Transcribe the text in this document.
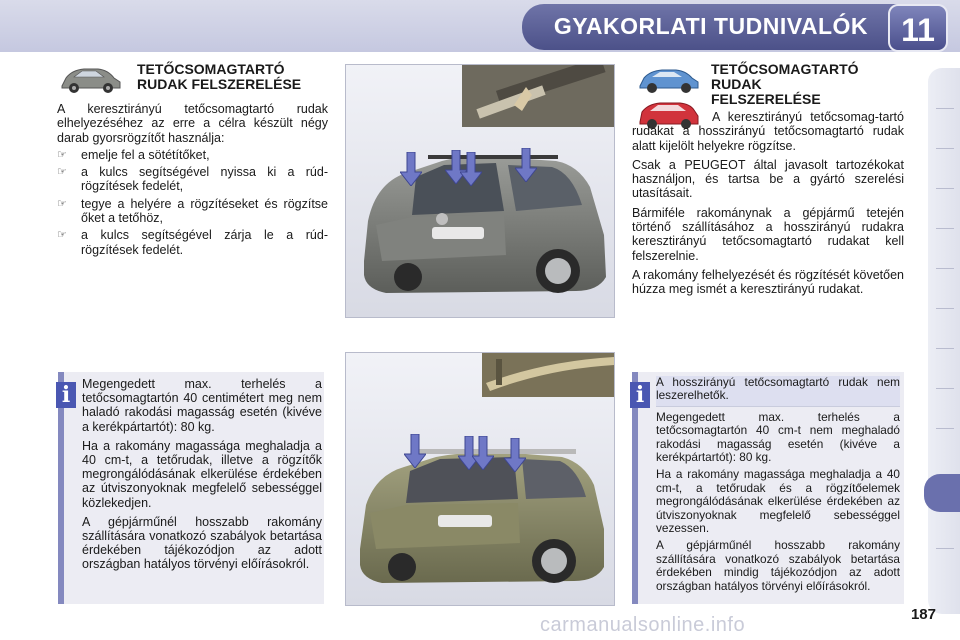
GYAKORLATI TUDNIVALÓK	11
TETŐCSOMAGTARTÓ
RUDAK FELSZERELÉSE
A keresztirányú tetőcsomagtartó rudak elhelyezéséhez az erre a célra készült négy darab gyorsrögzítőt használja:
☞	emelje fel a sötétítőket,
☞	a kulcs segítségével nyissa ki a rúd-rögzítések fedelét,
☞	tegye a helyére a rögzítéseket és rögzítse őket a tetőhöz,
☞	a kulcs segítségével zárja le a rúd-rögzítések fedelét.
TETŐCSOMAGTARTÓ
RUDAK
FELSZERELÉSE
A keresztirányú tetőcsomag-tartó rudakat a hosszirányú tetőcsomagtartó rudak alatt kijelölt helyekre rögzítse.
Csak a PEUGEOT által javasolt tartozékokat használjon, és tartsa be a gyártó szerelési utasításait.
Bármiféle rakománynak a gépjármű tetején történő szállításához a hosszirányú rudakra keresztirányú tetőcsomagtartó rudakat kell felszerelnie.
A rakomány felhelyezését és rögzítését követően húzza meg ismét a keresztirányú rudakat.
Megengedett max. terhelés a tetőcsomagtartón 40 centimétert meg nem haladó rakodási magasság esetén (kivéve a kerékpártartót): 80 kg.
Ha a rakomány magassága meghaladja a 40 cm-t, a tetőrudak, illetve a rögzítők megrongálódásának elkerülése érdekében az útviszonyoknak megfelelő sebességgel közlekedjen.
A gépjárműnél hosszabb rakomány szállítására vonatkozó szabályok betartása érdekében tájékozódjon az adott országban hatályos törvényi előírásokról.
i	A hosszirányú tetőcsomagtartó rudak nem leszerelhetők.
Megengedett max. terhelés a tetőcsomagtartón 40 cm-t nem meghaladó rakodási magasság esetén (kivéve a kerékpártartót): 80 kg.
Ha a rakomány magassága meghaladja a 40 cm-t, a tetőrudak és a rögzítőelemek megrongálódásának elkerülése érdekében az útviszonyoknak megfelelő sebességgel vezessen.
A gépjárműnél hosszabb rakomány szállítására vonatkozó szabályok betartása érdekében mindig tájékozódjon az adott országban hatályos törvényi előírásokról.
i
carmanualsonline.info	187
